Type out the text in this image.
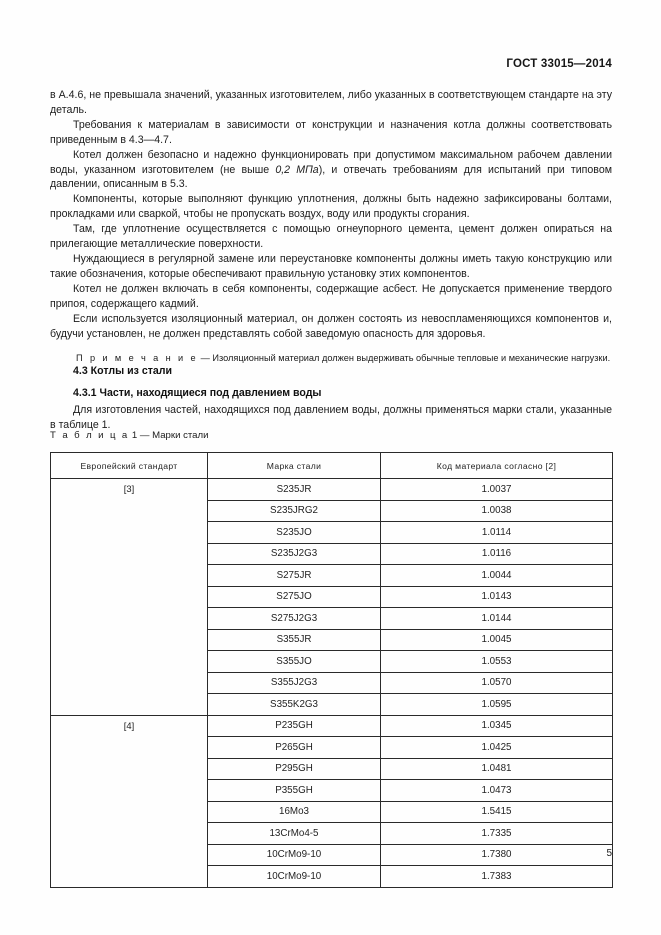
ГОСТ 33015—2014

в А.4.6, не превышала значений, указанных изготовителем, либо указанных в соответствующем стандарте на эту деталь.

Требования к материалам в зависимости от конструкции и назначения котла должны соответствовать приведенным в 4.3—4.7.

Котел должен безопасно и надежно функционировать при допустимом максимальном рабочем давлении воды, указанном изготовителем (не выше 0,2 МПа), и отвечать требованиям для испытаний при типовом давлении, описанным в 5.3.

Компоненты, которые выполняют функцию уплотнения, должны быть надежно зафиксированы болтами, прокладками или сваркой, чтобы не пропускать воздух, воду или продукты сгорания.

Там, где уплотнение осуществляется с помощью огнеупорного цемента, цемент должен опираться на прилегающие металлические поверхности.

Нуждающиеся в регулярной замене или переустановке компоненты должны иметь такую конструкцию или такие обозначения, которые обеспечивают правильную установку этих компонентов.

Котел не должен включать в себя компоненты, содержащие асбест. Не допускается применение твердого припоя, содержащего кадмий.

Если используется изоляционный материал, он должен состоять из невоспламеняющихся компонентов и, будучи установлен, не должен представлять собой заведомую опасность для здоровья.

П р и м е ч а н и е — Изоляционный материал должен выдерживать обычные тепловые и механические нагрузки.

4.3 Котлы из стали
4.3.1 Части, находящиеся под давлением воды
Для изготовления частей, находящихся под давлением воды, должны применяться марки стали, указанные в таблице 1.
Т а б л и ц а 1 — Марки стали
Европейский стандарт	Марка стали	Код материала согласно [2]
[3]	S235JR	1.0037
	S235JRG2	1.0038
	S235JO	1.0114
	S235J2G3	1.0116
	S275JR	1.0044
	S275JO	1.0143
	S275J2G3	1.0144
	S355JR	1.0045
	S355JO	1.0553
	S355J2G3	1.0570
	S355K2G3	1.0595
[4]	P235GH	1.0345
	P265GH	1.0425
	P295GH	1.0481
	P355GH	1.0473
	16Mo3	1.5415
	13CrMo4-5	1.7335
	10CrMo9-10	1.7380
	10CrMo9-10	1.7383
5
